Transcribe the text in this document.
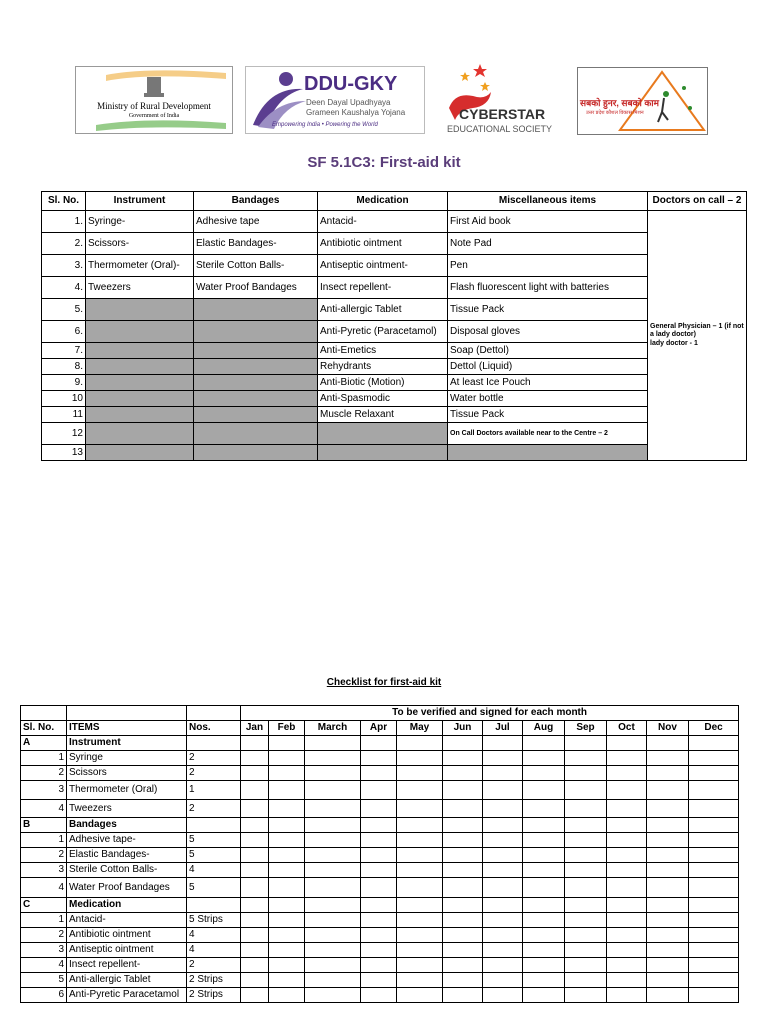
Ministry of Rural Development
Government of India
DDU-GKY
Deen Dayal Upadhyaya
Grameen Kaushalya Yojana
Empowering India • Powering the World
CYBERSTAR
EDUCATIONAL SOCIETY
सबको हुनर, सबको काम
उत्तर प्रदेश कौशल विकास मिशन
SF 5.1C3: First-aid kit
Sl. No.	Instrument	Bandages	Medication	Miscellaneous items	Doctors on call – 2
1.	Syringe-	Adhesive tape	Antacid-	First Aid book	General Physician – 1 (if not a lady doctor)
lady doctor - 1
2.	Scissors-	Elastic Bandages-	Antibiotic ointment	Note Pad	
3.	Thermometer (Oral)-	Sterile Cotton Balls-	Antiseptic ointment-	Pen	
4.	Tweezers	Water Proof Bandages	Insect repellent-	Flash fluorescent light with batteries	
5.			Anti-allergic Tablet	Tissue Pack	
6.			Anti-Pyretic (Paracetamol)	Disposal gloves	
7.			Anti-Emetics	Soap (Dettol)	
8.			Rehydrants	Dettol (Liquid)	
9.			Anti-Biotic (Motion)	At least Ice Pouch	
10			Anti-Spasmodic	Water bottle	
11			Muscle Relaxant	Tissue Pack	
12				On Call Doctors available near to the Centre – 2	
13					
Checklist for first-aid kit
			To be verified and signed for each month											
Sl. No.	ITEMS	Nos.	Jan	Feb	March	Apr	May	Jun	Jul	Aug	Sep	Oct	Nov	Dec
A	Instrument													
1	Syringe	2												
2	Scissors	2												
3	Thermometer (Oral)	1												
4	Tweezers	2												
B	Bandages													
1	Adhesive tape-	5												
2	Elastic Bandages-	5												
3	Sterile Cotton Balls-	4												
4	Water Proof Bandages	5												
C	Medication													
1	Antacid-	5 Strips												
2	Antibiotic ointment	4												
3	Antiseptic ointment	4												
4	Insect repellent-	2												
5	Anti-allergic Tablet	2 Strips												
6	Anti-Pyretic Paracetamol	2 Strips												
